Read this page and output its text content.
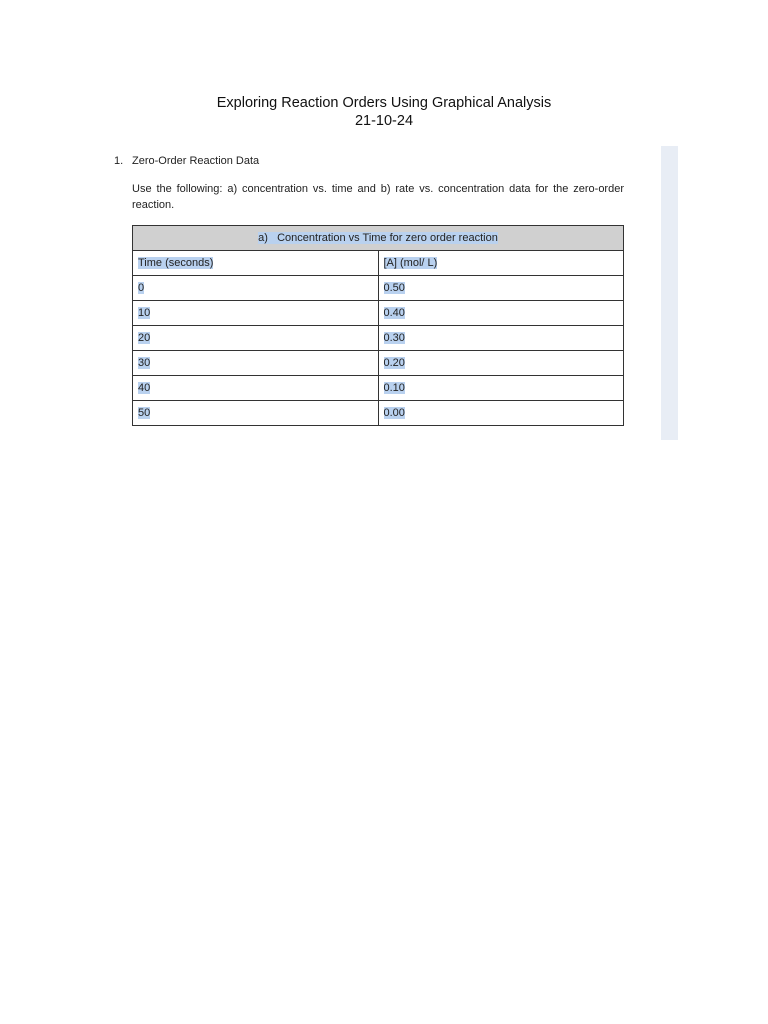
Exploring Reaction Orders Using Graphical Analysis
21-10-24
1. Zero-Order Reaction Data
Use the following: a) concentration vs. time and b) rate vs. concentration data for the zero-order reaction.
a) Concentration vs Time for zero order reaction	
Time (seconds)	[A] (mol/ L)
0	0.50
10	0.40
20	0.30
30	0.20
40	0.10
50	0.00
